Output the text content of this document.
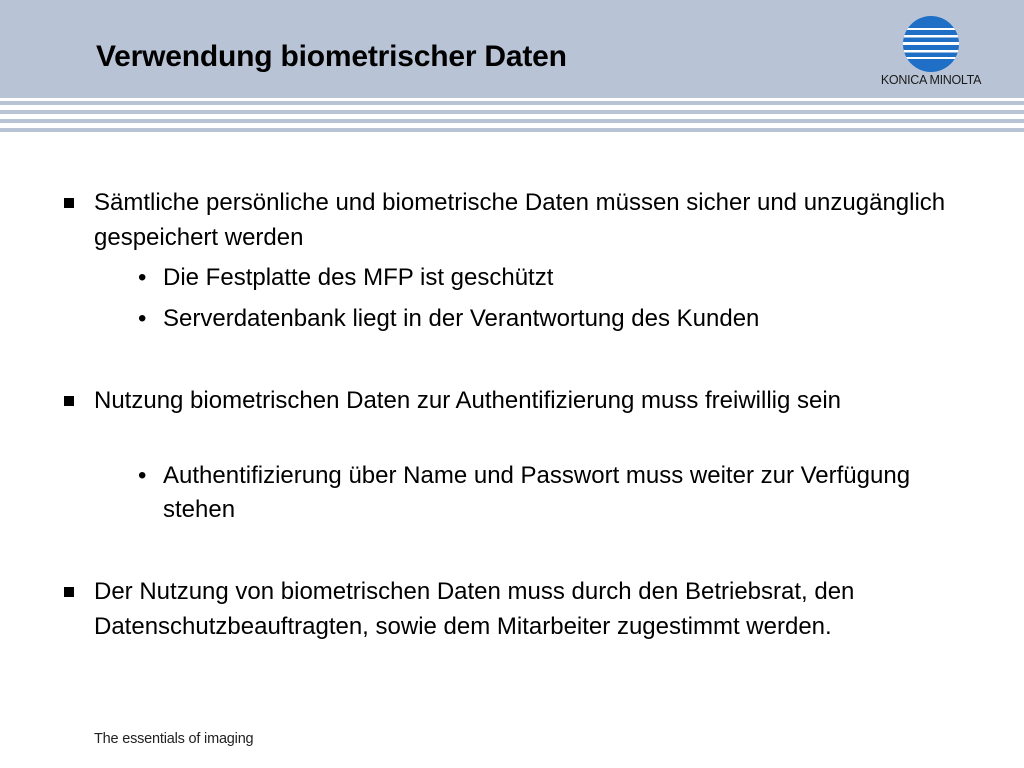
Verwendung biometrischer Daten
KONICA MINOLTA
Sämtliche persönliche und biometrische Daten müssen sicher und unzugänglich gespeichert werden
• Die Festplatte des MFP ist geschützt
• Serverdatenbank liegt in der Verantwortung des Kunden
Nutzung biometrischen Daten zur Authentifizierung muss freiwillig sein
• Authentifizierung über Name und Passwort muss weiter zur Verfügung stehen
Der Nutzung von biometrischen Daten muss durch den Betriebsrat, den Datenschutzbeauftragten, sowie dem Mitarbeiter zugestimmt werden.
The essentials of imaging
